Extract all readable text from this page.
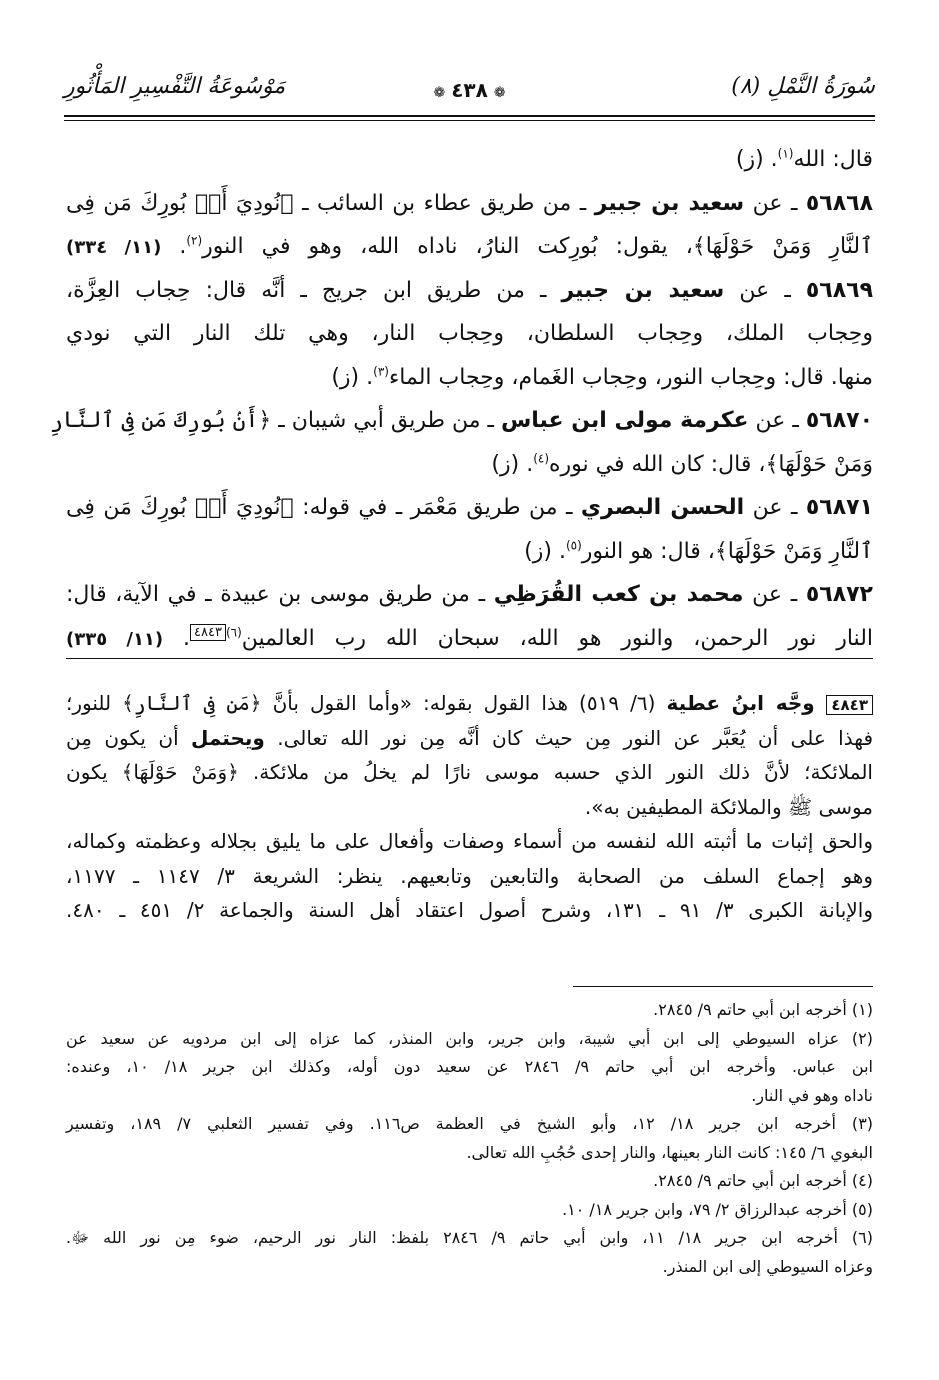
سُورَةُ النَّمْلِ (٨)
❁٤٣٨❁
مَوْسُوعَةُ التَّفْسِيرِ المَأْثُورِ
قال: الله$^{(١)}$. (ز)
٥٦٨٦٨ ـ عن سعيد بن جبير ـ من طريق عطاء بن السائب ـ ﴿نُودِيَ أَنۢ بُورِكَ مَن فِى
ٱلنَّارِ وَمَنْ حَوْلَهَا﴾، يقول: بُورِكت النارُ، ناداه الله، وهو في النور$^{(٢)}$. (١١/ ٣٣٤)
٥٦٨٦٩ ـ عن سعيد بن جبير ـ من طريق ابن جريج ـ أنَّه قال: حِجاب العِزَّة،
وحِجاب الملك، وحِجاب السلطان، وحِجاب النار، وهي تلك النار التي نودي
منها. قال: وحِجاب النور، وحِجاب الغَمام، وحِجاب الماء$^{(٣)}$. (ز)
٥٦٨٧٠ ـ عن عكرمة مولى ابن عباس ـ من طريق أبي شيبان ـ ﴿أَنۢ بُورِكَ مَن فِى ٱلنَّارِ
وَمَنْ حَوْلَهَا﴾، قال: كان الله في نوره$^{(٤)}$. (ز)
٥٦٨٧١ ـ عن الحسن البصري ـ من طريق مَعْمَر ـ في قوله: ﴿نُودِيَ أَنۢ بُورِكَ مَن فِى
ٱلنَّارِ وَمَنْ حَوْلَهَا﴾، قال: هو النور$^{(٥)}$. (ز)
٥٦٨٧٢ ـ عن محمد بن كعب القُرَظِي ـ من طريق موسى بن عبيدة ـ في الآية، قال:
النار نور الرحمن، والنور هو الله، سبحان الله رب العالمين$^{(٦)٤٨٤٣}$. (١١/ ٣٣٥)
٤٨٤٣ وجَّه ابنُ عطية (٦/ ٥١٩) هذا القول بقوله: «وأما القول بأنَّ ﴿مَن فِى ٱلنَّارِ﴾ للنور؛
فهذا على أن يُعَبَّر عن النور مِن حيث كان أنَّه مِن نور الله تعالى. ويحتمل أن يكون مِن
الملائكة؛ لأنَّ ذلك النور الذي حسبه موسى نارًا لم يخلُ من ملائكة. ﴿وَمَنْ حَوْلَهَا﴾ يكون
موسى ﷺ والملائكة المطيفين به».
والحق إثبات ما أثبته الله لنفسه من أسماء وصفات وأفعال على ما يليق بجلاله وعظمته وكماله،
وهو إجماع السلف من الصحابة والتابعين وتابعيهم. ينظر: الشريعة ٣/ ١١٤٧ ـ ١١٧٧،
والإبانة الكبرى ٣/ ٩١ ـ ١٣١، وشرح أصول اعتقاد أهل السنة والجماعة ٢/ ٤٥١ ـ ٤٨٠.
(١) أخرجه ابن أبي حاتم ٩/ ٢٨٤٥.
(٢) عزاه السيوطي إلى ابن أبي شيبة، وابن جرير، وابن المنذر، كما عزاه إلى ابن مردويه عن سعيد عن
ابن عباس. وأخرجه ابن أبي حاتم ٩/ ٢٨٤٦ عن سعيد دون أوله، وكذلك ابن جرير ١٨/ ١٠، وعنده:
ناداه وهو في النار.
(٣) أخرجه ابن جرير ١٨/ ١٢، وأبو الشيخ في العظمة ص١١٦. وفي تفسير الثعلبي ٧/ ١٨٩، وتفسير
البغوي ٦/ ١٤٥: كانت النار بعينها، والنار إحدى حُجُبِ الله تعالى.
(٤) أخرجه ابن أبي حاتم ٩/ ٢٨٤٥.
(٥) أخرجه عبدالرزاق ٢/ ٧٩، وابن جرير ١٨/ ١٠.
(٦) أخرجه ابن جرير ١٨/ ١١، وابن أبي حاتم ٩/ ٢٨٤٦ بلفظ: النار نور الرحيم، ضوء مِن نور الله ﷻ.
وعزاه السيوطي إلى ابن المنذر.
